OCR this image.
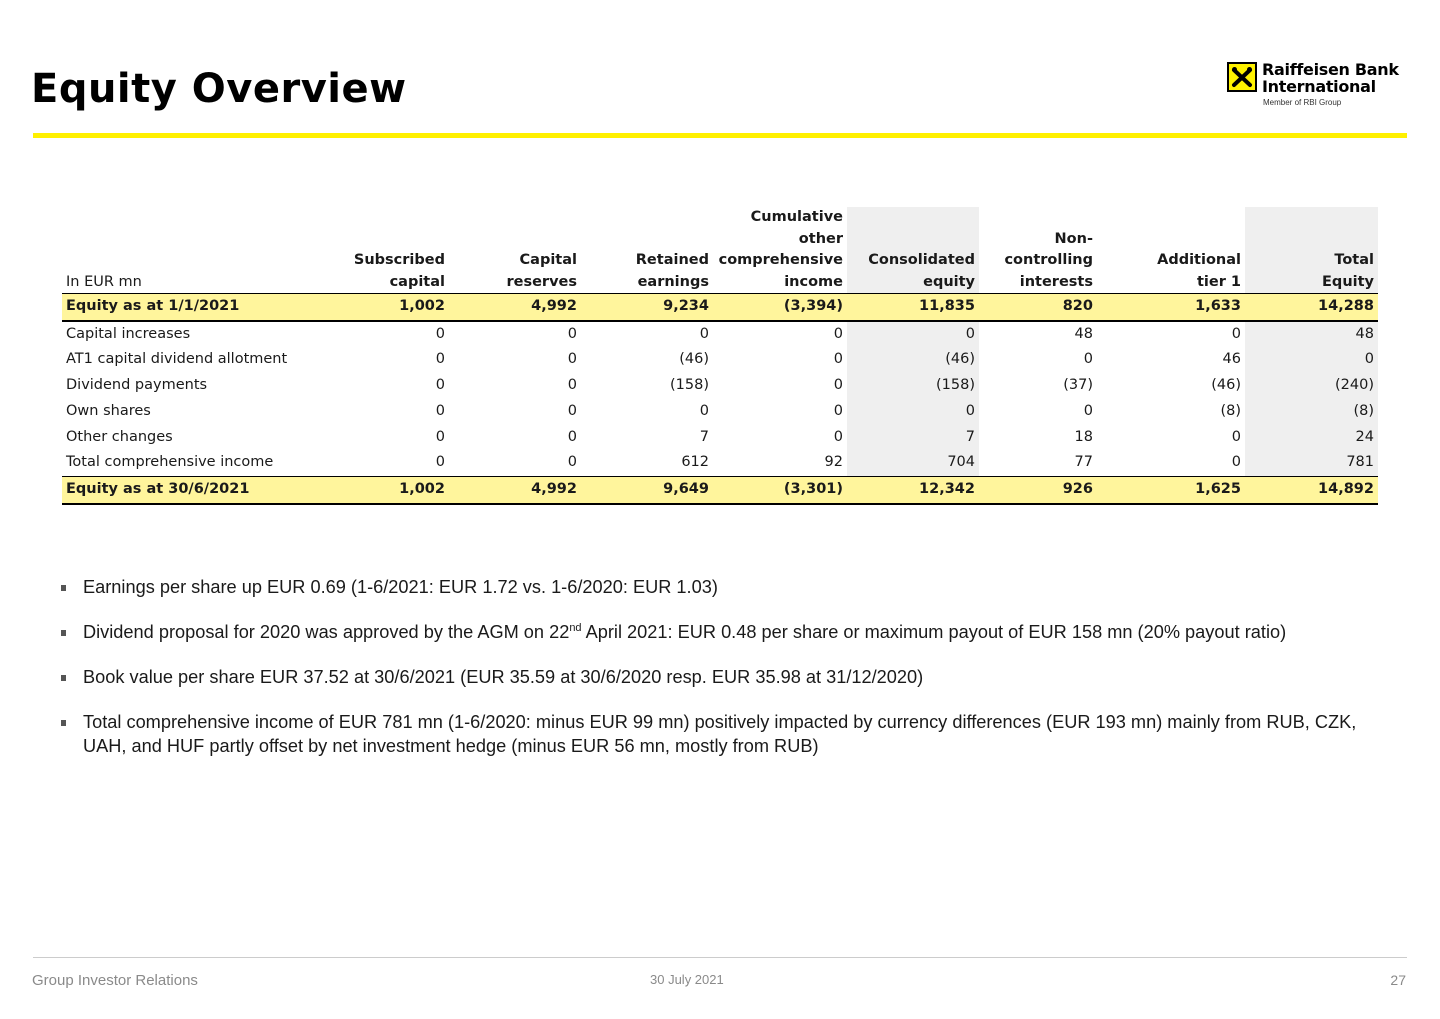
Equity Overview	Raiffeisen Bank
International
Member of RBI Group
				Cumulative				
				other		Non-		
	Subscribed	Capital	Retained	comprehensive	Consolidated	controlling	Additional	Total
In EUR mn	capital	reserves	earnings	income	equity	interests	tier 1	Equity
Equity as at 1/1/2021	1,002	4,992	9,234	(3,394)	11,835	820	1,633	14,288
Capital increases	0	0	0	0	0	48	0	48
AT1 capital dividend allotment	0	0	(46)	0	(46)	0	46	0
Dividend payments	0	0	(158)	0	(158)	(37)	(46)	(240)
Own shares	0	0	0	0	0	0	(8)	(8)
Other changes	0	0	7	0	7	18	0	24
Total comprehensive income	0	0	612	92	704	77	0	781
Equity as at 30/6/2021	1,002	4,992	9,649	(3,301)	12,342	926	1,625	14,892
Earnings per share up EUR 0.69 (1-6/2021: EUR 1.72 vs. 1-6/2020: EUR 1.03)
Dividend proposal for 2020 was approved by the AGM on 22nd April 2021: EUR 0.48 per share or maximum payout of EUR 158 mn (20% payout ratio)
Book value per share EUR 37.52 at 30/6/2021 (EUR 35.59 at 30/6/2020 resp. EUR 35.98 at 31/12/2020)
Total comprehensive income of EUR 781 mn (1-6/2020: minus EUR 99 mn) positively impacted by currency differences (EUR 193 mn) mainly from RUB, CZK, UAH, and HUF partly offset by net investment hedge (minus EUR 56 mn, mostly from RUB)
Group Investor Relations	30 July 2021	27
